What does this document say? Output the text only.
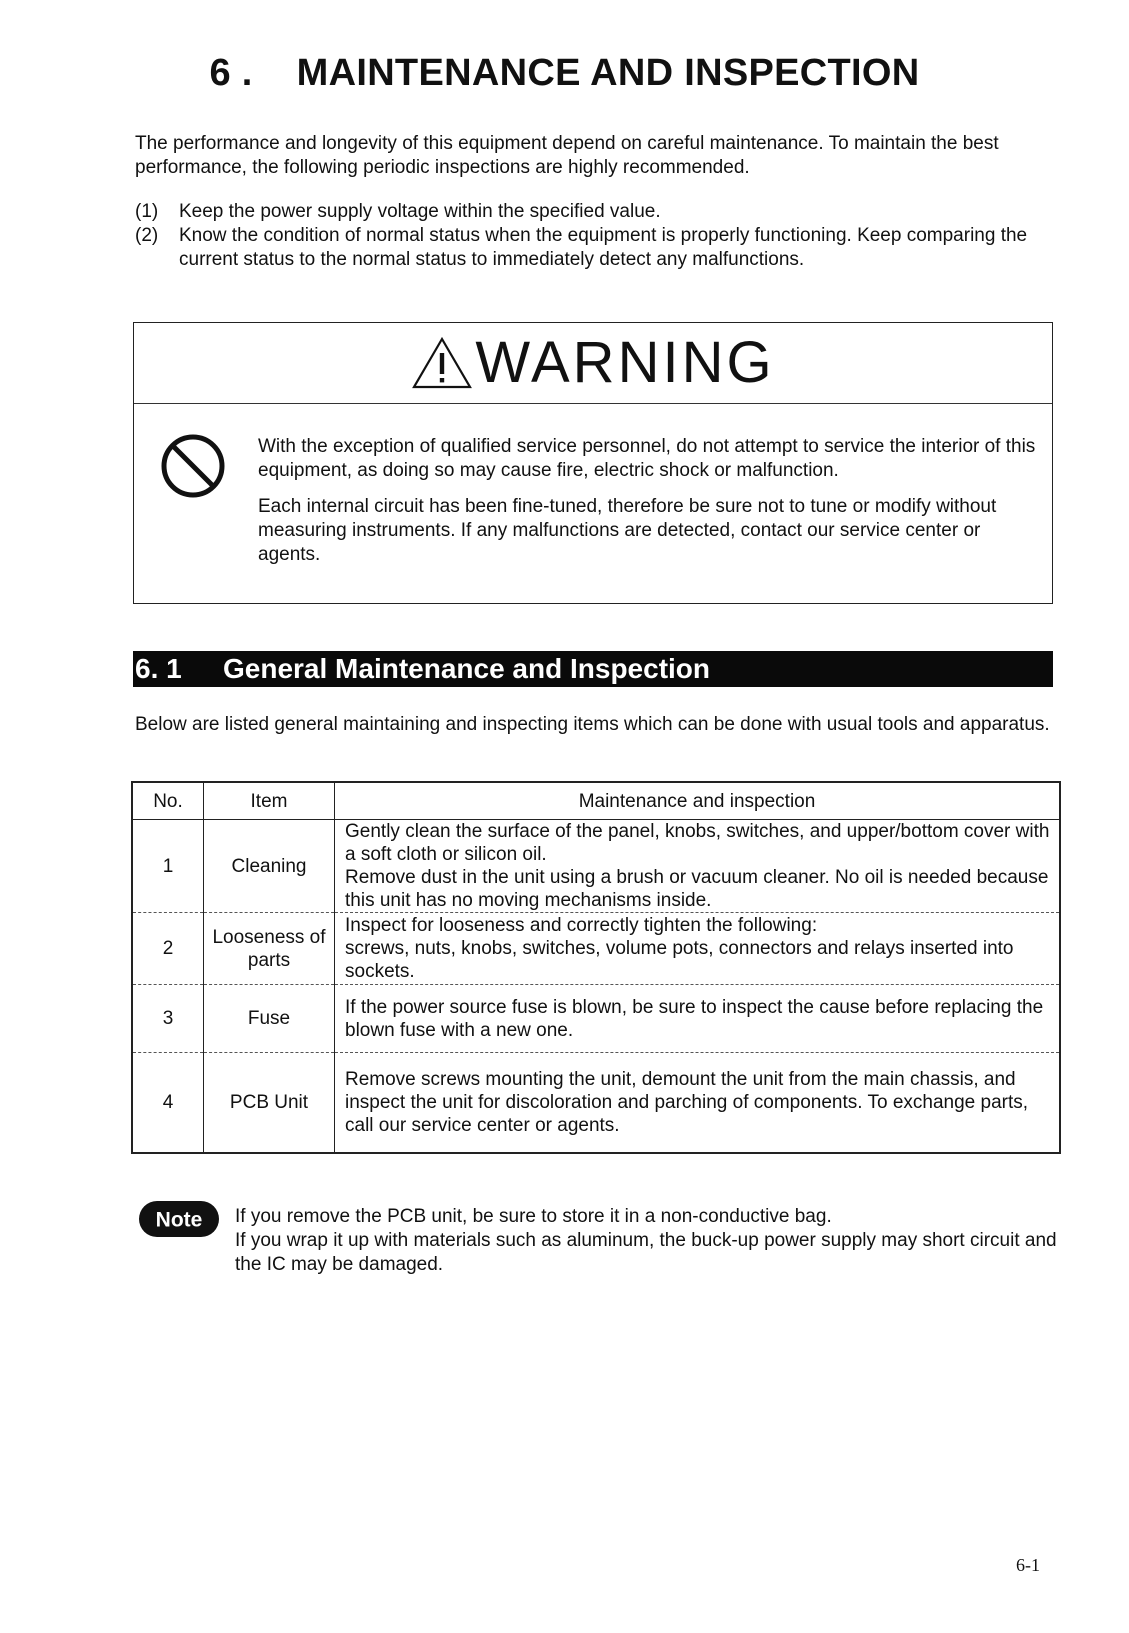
6 . MAINTENANCE AND INSPECTION
The performance and longevity of this equipment depend on careful maintenance. To maintain the best performance, the following periodic inspections are highly recommended.
(1)	Keep the power supply voltage within the specified value.
(2)	Know the condition of normal status when the equipment is properly functioning. Keep comparing the current status to the normal status to immediately detect any malfunctions.
WARNING

With the exception of qualified service personnel, do not attempt to service the interior of this equipment, as doing so may cause fire, electric shock or malfunction.

Each internal circuit has been fine-tuned, therefore be sure not to tune or modify without measuring instruments. If any malfunctions are detected, contact our service center or agents.

6. 1 General Maintenance and Inspection
Below are listed general maintaining and inspecting items which can be done with usual tools and apparatus.
No.	Item	Maintenance and inspection
1	Cleaning	Gently clean the surface of the panel, knobs, switches, and upper/bottom cover with a soft cloth or silicon oil.
Remove dust in the unit using a brush or vacuum cleaner. No oil is needed because this unit has no moving mechanisms inside.

2	Looseness of parts	Inspect for looseness and correctly tighten the following:
screws, nuts, knobs, switches, volume pots, connectors and relays inserted into sockets.

3	Fuse	If the power source fuse is blown, be sure to inspect the cause before replacing the blown fuse with a new one.

4	PCB Unit	Remove screws mounting the unit, demount the unit from the main chassis, and inspect the unit for discoloration and parching of components. To exchange parts, call our service center or agents.
Note If you remove the PCB unit, be sure to store it in a non-conductive bag.
If you wrap it up with materials such as aluminum, the buck-up power supply may short circuit and the IC may be damaged.
6-1
